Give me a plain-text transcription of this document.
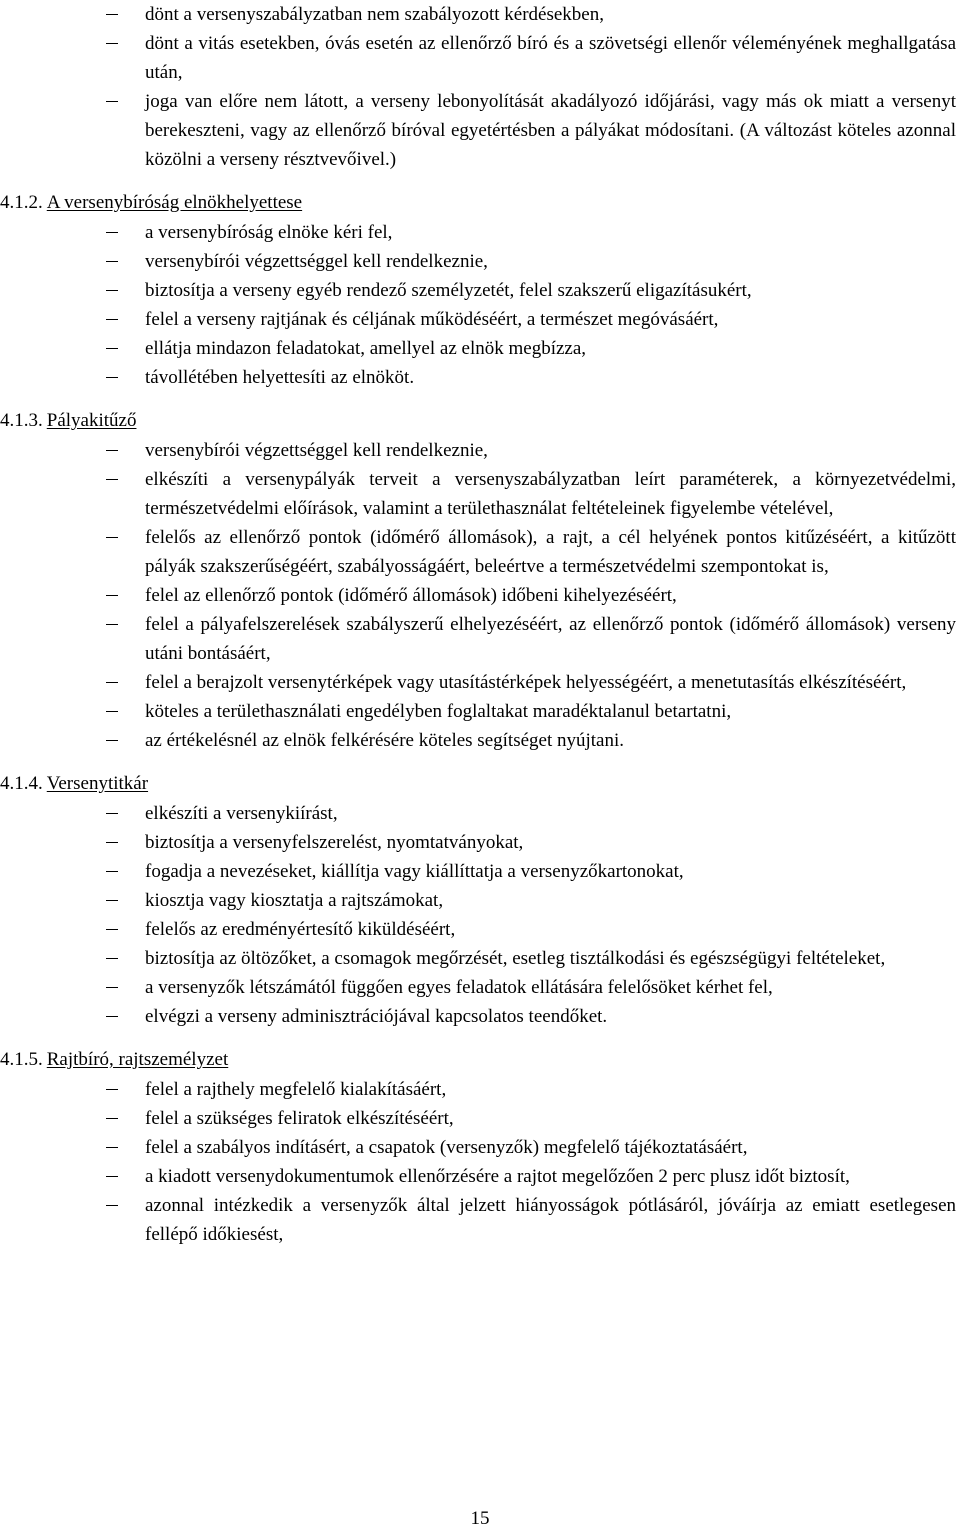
dönt a versenyszabályzatban nem szabályozott kérdésekben,
dönt a vitás esetekben, óvás esetén az ellenőrző bíró és a szövetségi ellenőr véleményének meghallgatása után,
joga van előre nem látott, a verseny lebonyolítását akadályozó időjárási, vagy más ok miatt a versenyt berekeszteni, vagy az ellenőrző bíróval egyetértésben a pályákat módosítani. (A változást köteles azonnal közölni a verseny résztvevőivel.)
4.1.2. A versenybíróság elnökhelyettese
a versenybíróság elnöke kéri fel,
versenybírói végzettséggel kell rendelkeznie,
biztosítja a verseny egyéb rendező személyzetét, felel szakszerű eligazításukért,
felel a verseny rajtjának és céljának működéséért, a természet megóvásáért,
ellátja mindazon feladatokat, amellyel az elnök megbízza,
távollétében helyettesíti az elnököt.
4.1.3. Pályakitűző
versenybírói végzettséggel kell rendelkeznie,
elkészíti a versenypályák terveit a versenyszabályzatban leírt paraméterek, a környezetvédelmi, természetvédelmi előírások, valamint a területhasználat feltételeinek figyelembe vételével,
felelős az ellenőrző pontok (időmérő állomások), a rajt, a cél helyének pontos kitűzéséért, a kitűzött pályák szakszerűségéért, szabályosságáért, beleértve a természetvédelmi szempontokat is,
felel az ellenőrző pontok (időmérő állomások) időbeni kihelyezéséért,
felel a pályafelszerelések szabályszerű elhelyezéséért, az ellenőrző pontok (időmérő állomások) verseny utáni bontásáért,
felel a berajzolt versenytérképek vagy utasítástérképek helyességéért, a menetutasítás elkészítéséért,
köteles a területhasználati engedélyben foglaltakat maradéktalanul betartatni,
az értékelésnél az elnök felkérésére köteles segítséget nyújtani.
4.1.4. Versenytitkár
elkészíti a versenykiírást,
biztosítja a versenyfelszerelést, nyomtatványokat,
fogadja a nevezéseket, kiállítja vagy kiállíttatja a versenyzőkartonokat,
kiosztja vagy kiosztatja a rajtszámokat,
felelős az eredményértesítő kiküldéséért,
biztosítja az öltözőket, a csomagok megőrzését, esetleg tisztálkodási és egészségügyi feltételeket,
a versenyzők létszámától függően egyes feladatok ellátására felelősöket kérhet fel,
elvégzi a verseny adminisztrációjával kapcsolatos teendőket.
4.1.5. Rajtbíró, rajtszemélyzet
felel a rajthely megfelelő kialakításáért,
felel a szükséges feliratok elkészítéséért,
felel a szabályos indításért, a csapatok (versenyzők) megfelelő tájékoztatásáért,
a kiadott versenydokumentumok ellenőrzésére a rajtot megelőzően 2 perc plusz időt biztosít,
azonnal intézkedik a versenyzők által jelzett hiányosságok pótlásáról, jóváírja az emiatt esetlegesen fellépő időkiesést,
15
